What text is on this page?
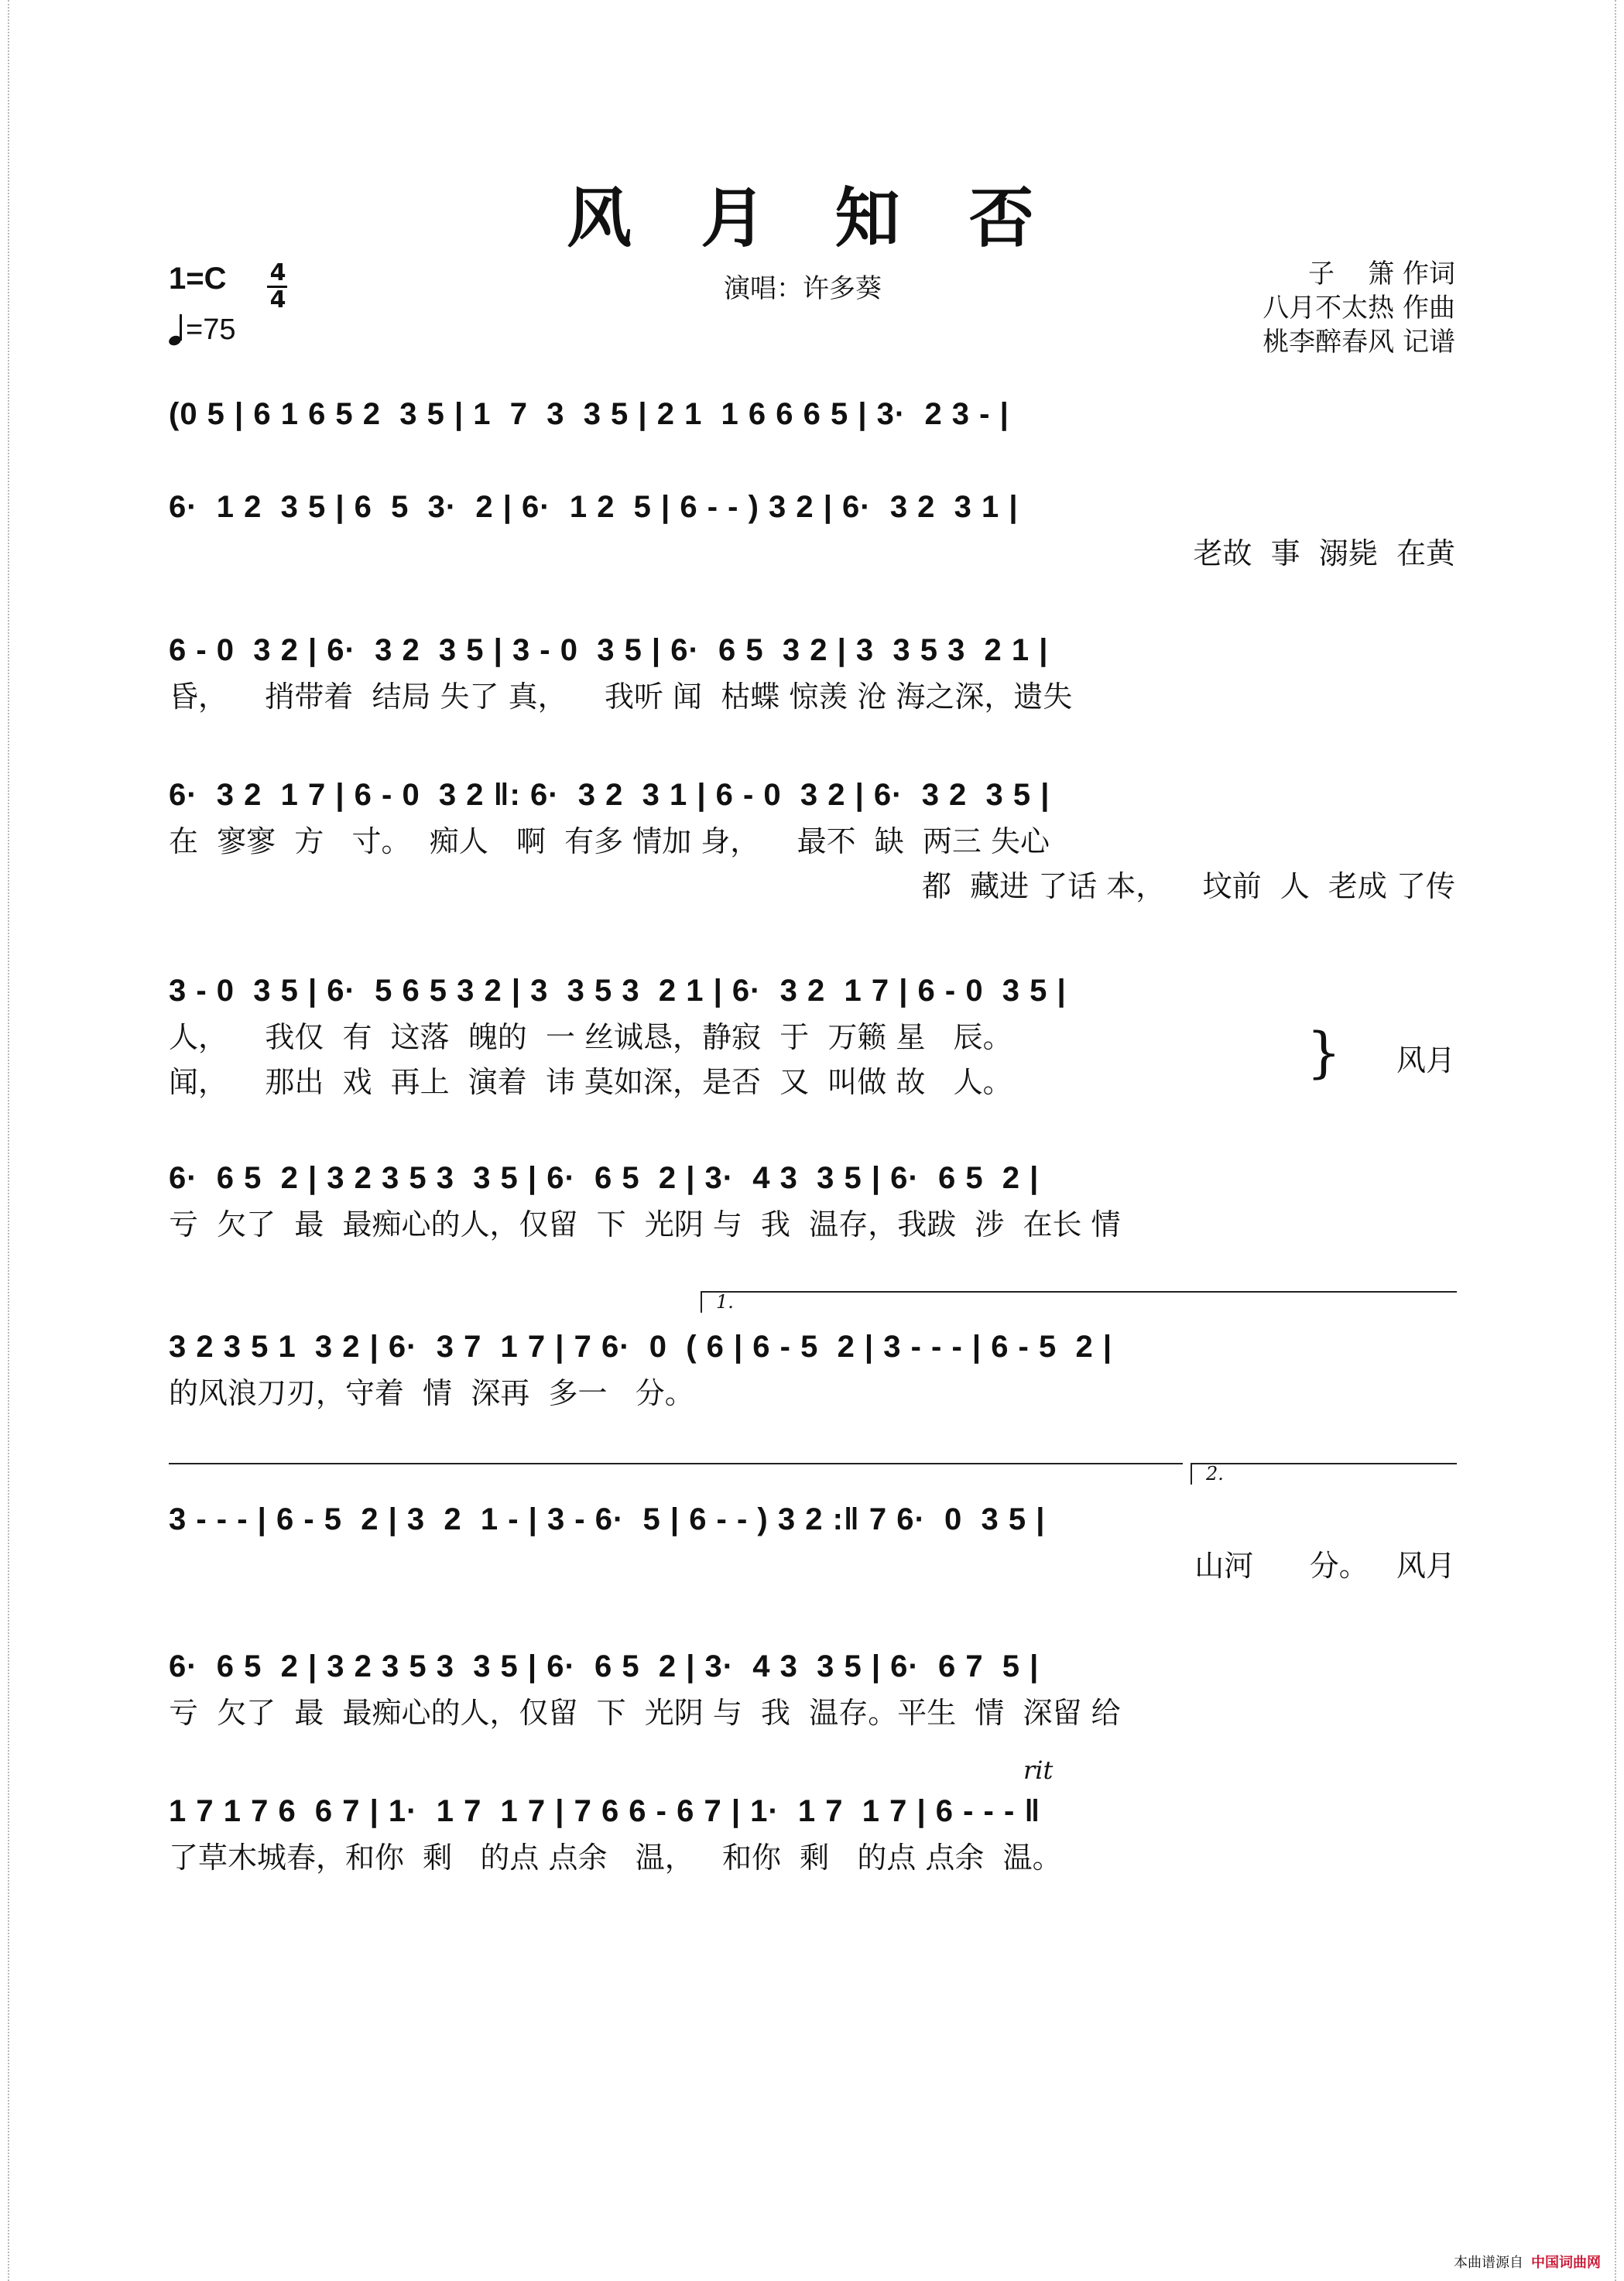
风 月 知 否
演唱：许多葵
1=C 4
4
=75
子    箫 作词
八月不太热 作曲
桃李醉春风 记谱
(0 5 | 6 1 6 5 2  3 5 | 1  7  3  3 5 | 2 1  1 6 6 6 5 | 3·  2 3 - |
6·  1 2  3 5 | 6  5  3·  2 | 6·  1 2  5 | 6 - - ) 3 2 | 6·  3 2  3 1 |
老故  事  溺毙  在黄
6 - 0  3 2 | 6·  3 2  3 5 | 3 - 0  3 5 | 6·  6 5  3 2 | 3  3 5 3  2 1 |
昏，    捎带着  结局 失了 真，    我听 闻  枯蝶 惊羡 沧 海之深，遗失
6·  3 2  1 7 | 6 - 0  3 2 ‖: 6·  3 2  3 1 | 6 - 0  3 2 | 6·  3 2  3 5 |
在  寥寥  方   寸。  痴人   啊  有多 情加 身，    最不  缺  两三 失心
都  藏进 了话 本，    坟前  人  老成 了传
3 - 0  3 5 | 6·  5 6 5 3 2 | 3  3 5 3  2 1 | 6·  3 2  1 7 | 6 - 0  3 5 |
人，    我仅  有  这落  魄的  一 丝诚恳，静寂  于  万籁 星   辰。
闻，    那出  戏  再上  演着  讳 莫如深，是否  又  叫做 故   人。	}	风月
6·  6 5  2 | 3 2 3 5 3  3 5 | 6·  6 5  2 | 3·  4 3  3 5 | 6·  6 5  2 |
亏  欠了  最  最痴心的人，仅留  下  光阴 与  我  温存，我跋  涉  在长 情
1.
3 2 3 5 1  3 2 | 6·  3 7  1 7 | 7 6·  0  ( 6 | 6 - 5  2 | 3 - - - | 6 - 5  2 |
的风浪刀刃，守着  情  深再  多一   分。
2.
3 - - - | 6 - 5  2 | 3  2  1 - | 3 - 6·  5 | 6 - - ) 3 2 :‖ 7 6·  0  3 5 |
山河      分。   风月
6·  6 5  2 | 3 2 3 5 3  3 5 | 6·  6 5  2 | 3·  4 3  3 5 | 6·  6 7  5 |
亏  欠了  最  最痴心的人，仅留  下  光阴 与  我  温存。平生  情  深留 给
rit
1 7 1 7 6  6 7 | 1·  1 7  1 7 | 7 6 6 - 6 7 | 1·  1 7  1 7 | 6 - - - ‖
了草木城春，和你  剩   的点 点余   温，   和你  剩   的点 点余  温。
本曲谱源自 中国词曲网
